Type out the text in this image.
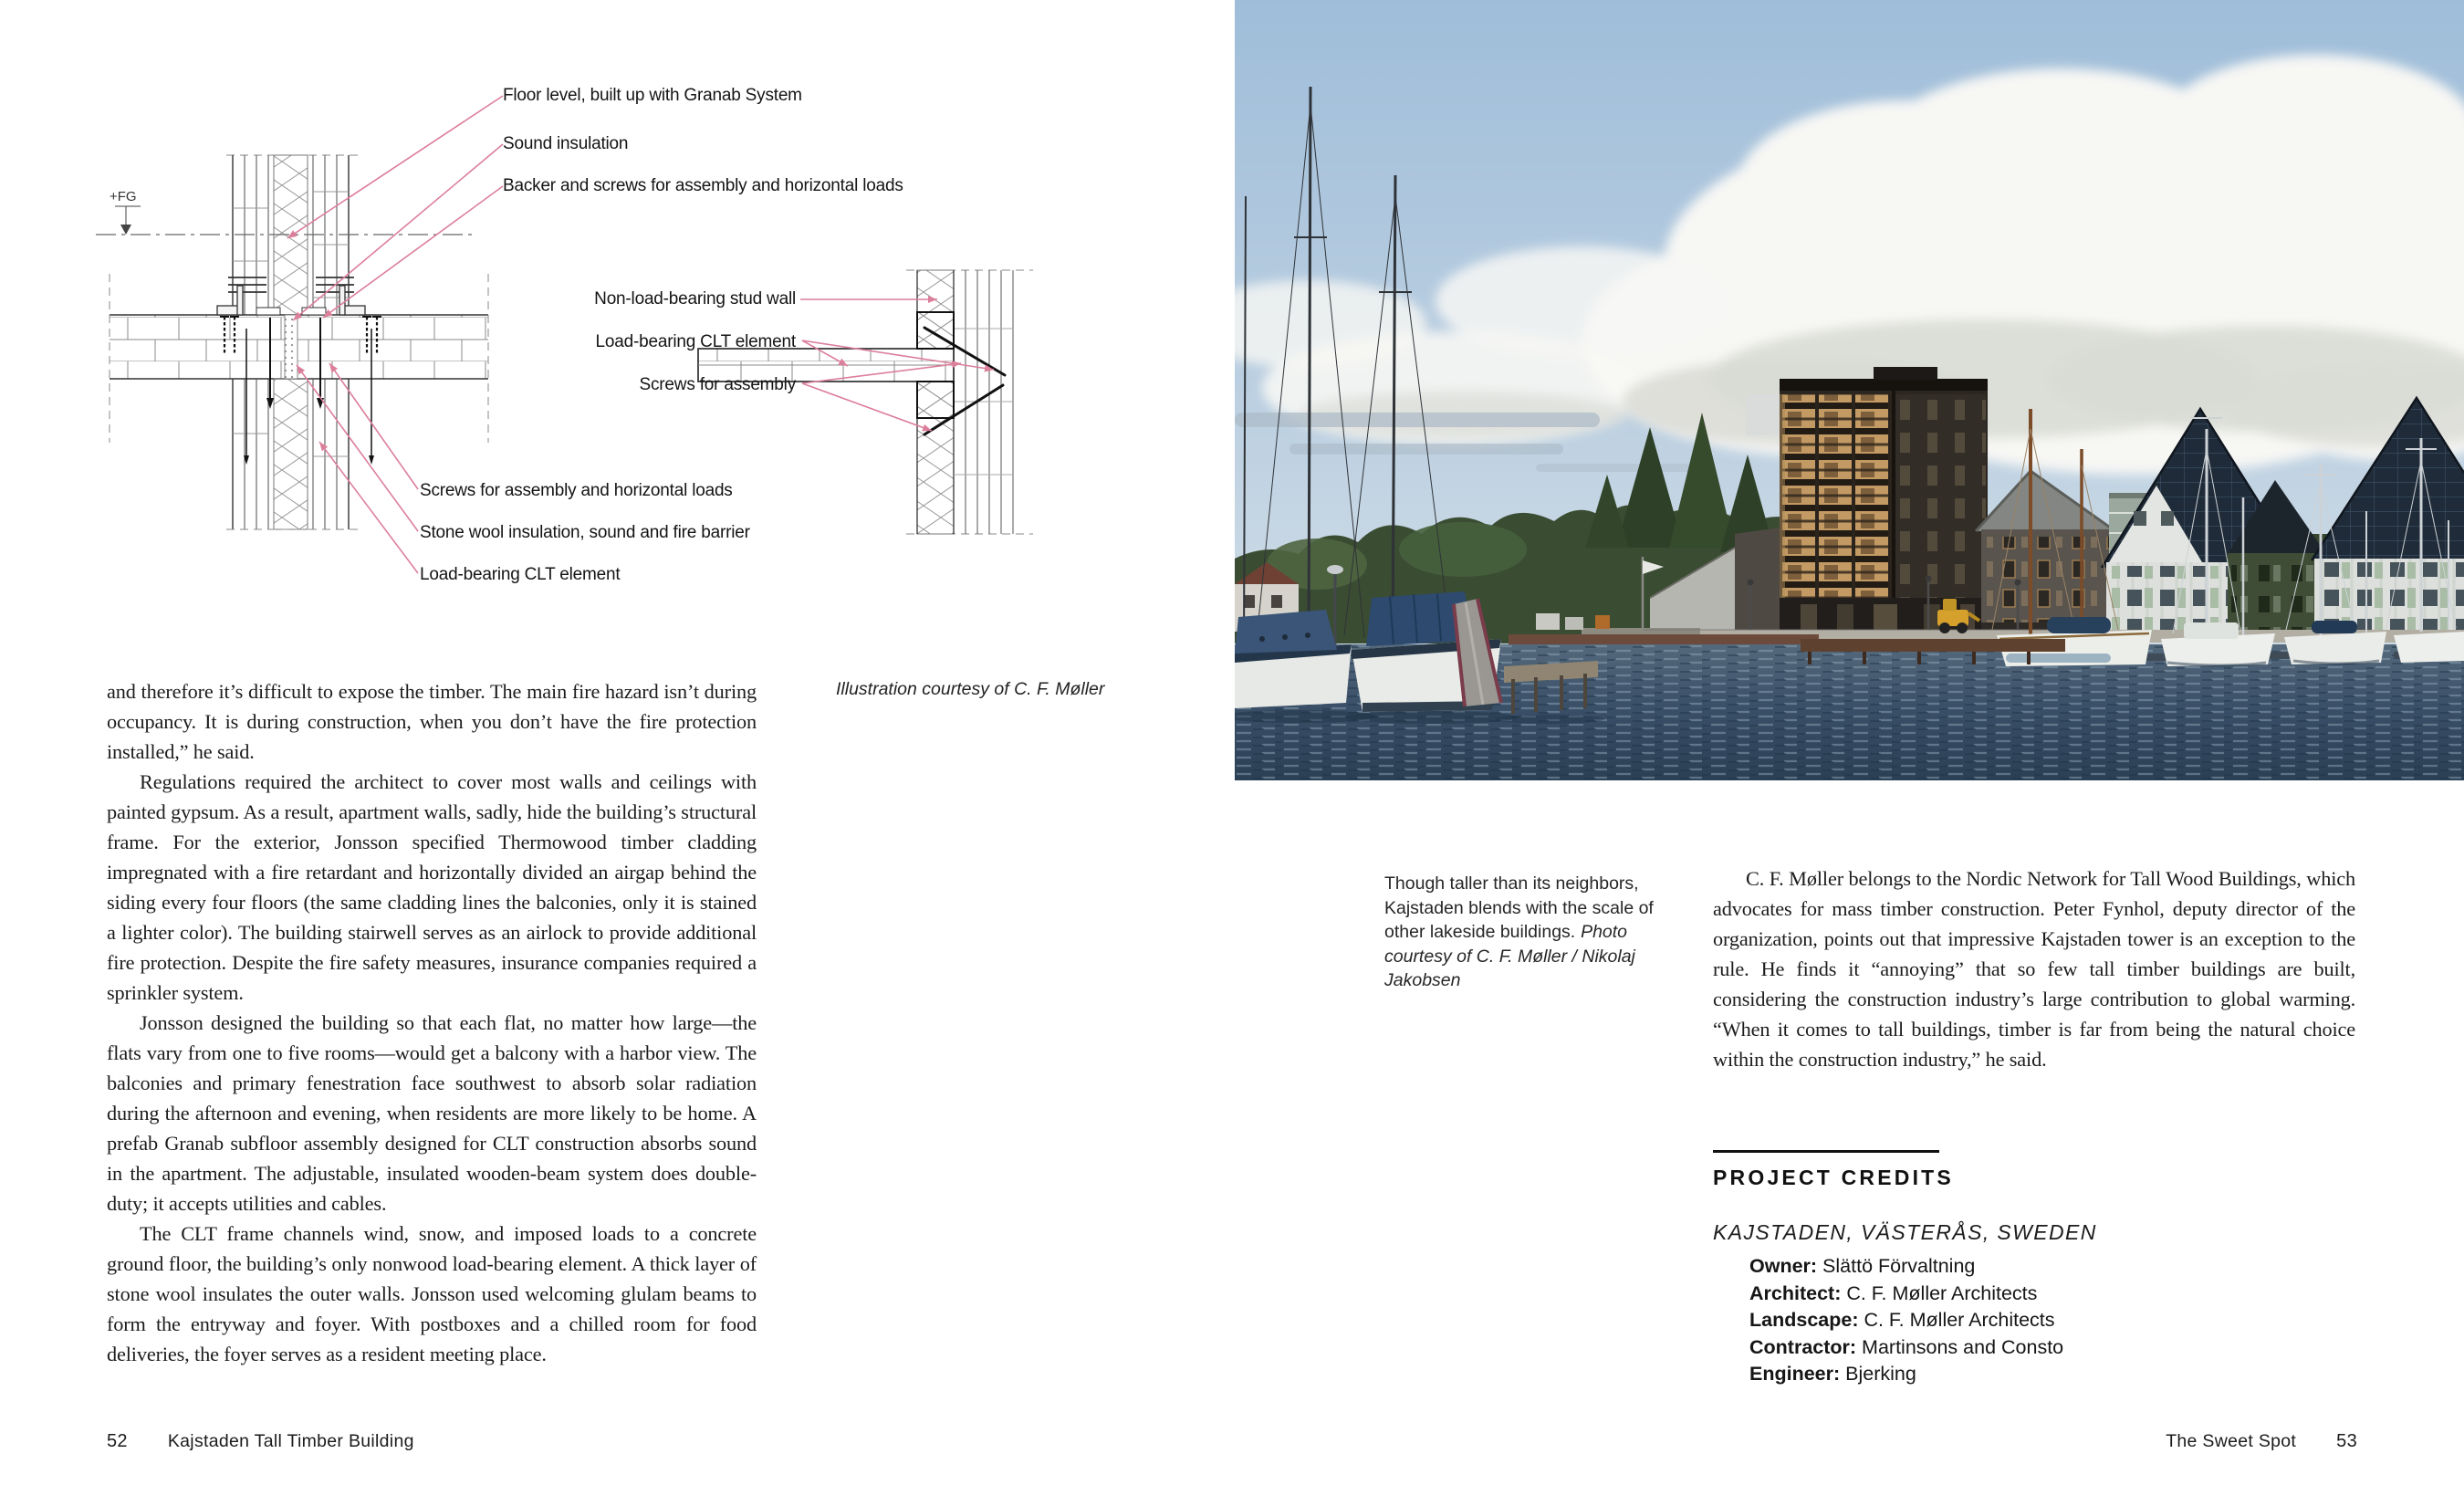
+FG
Floor level, built up with Granab System
Sound insulation
Backer and screws for assembly and horizontal loads
Non-load-bearing stud wall
Load-bearing CLT element
Screws for assembly
Screws for assembly and horizontal loads
Stone wool insulation, sound and fire barrier
Load-bearing CLT element
Illustration courtesy of C. F. Møller
and therefore it’s difficult to expose the timber. The main fire hazard isn’t during occupancy. It is during construction, when you don’t have the fire protection installed,” he said.
Regulations required the architect to cover most walls and ceilings with painted gypsum. As a result, apartment walls, sadly, hide the building’s structural frame. For the exterior, Jonsson specified Thermowood timber cladding impregnated with a fire retardant and horizontally divided an airgap behind the siding every four floors (the same cladding lines the balconies, only it is stained a lighter color). The building stairwell serves as an airlock to provide additional fire protection. Despite the fire safety measures, insurance companies required a sprinkler system.
Jonsson designed the building so that each flat, no matter how large—the flats vary from one to five rooms—would get a balcony with a harbor view. The balconies and primary fenestration face southwest to absorb solar radiation during the afternoon and evening, when residents are more likely to be home. A prefab Granab subfloor assembly designed for CLT construction absorbs sound in the apartment. The adjustable, insulated wooden-beam system does double-duty; it accepts utilities and cables.
The CLT frame channels wind, snow, and imposed loads to a concrete ground floor, the building’s only nonwood load-bearing element. A thick layer of stone wool insulates the outer walls. Jonsson used welcoming glulam beams to form the entryway and foyer. With postboxes and a chilled room for food deliveries, the foyer serves as a resident meeting place.
52 Kajstaden Tall Timber Building
Though taller than its neighbors, Kajstaden blends with the scale of other lakeside buildings. Photo courtesy of C. F. Møller / Nikolaj Jakobsen
C. F. Møller belongs to the Nordic Network for Tall Wood Buildings, which advocates for mass timber construction. Peter Fynhol, deputy director of the organization, points out that impressive Kajstaden tower is an exception to the rule. He finds it “annoying” that so few tall timber buildings are built, considering the construction industry’s large contribution to global warming. “When it comes to tall buildings, timber is far from being the natural choice within the construction industry,” he said.
PROJECT CREDITS
KAJSTADEN, VÄSTERÅS, SWEDEN
Owner: Slättö Förvaltning
Architect: C. F. Møller Architects
Landscape: C. F. Møller Architects
Contractor: Martinsons and Consto
Engineer: Bjerking
The Sweet Spot 53
